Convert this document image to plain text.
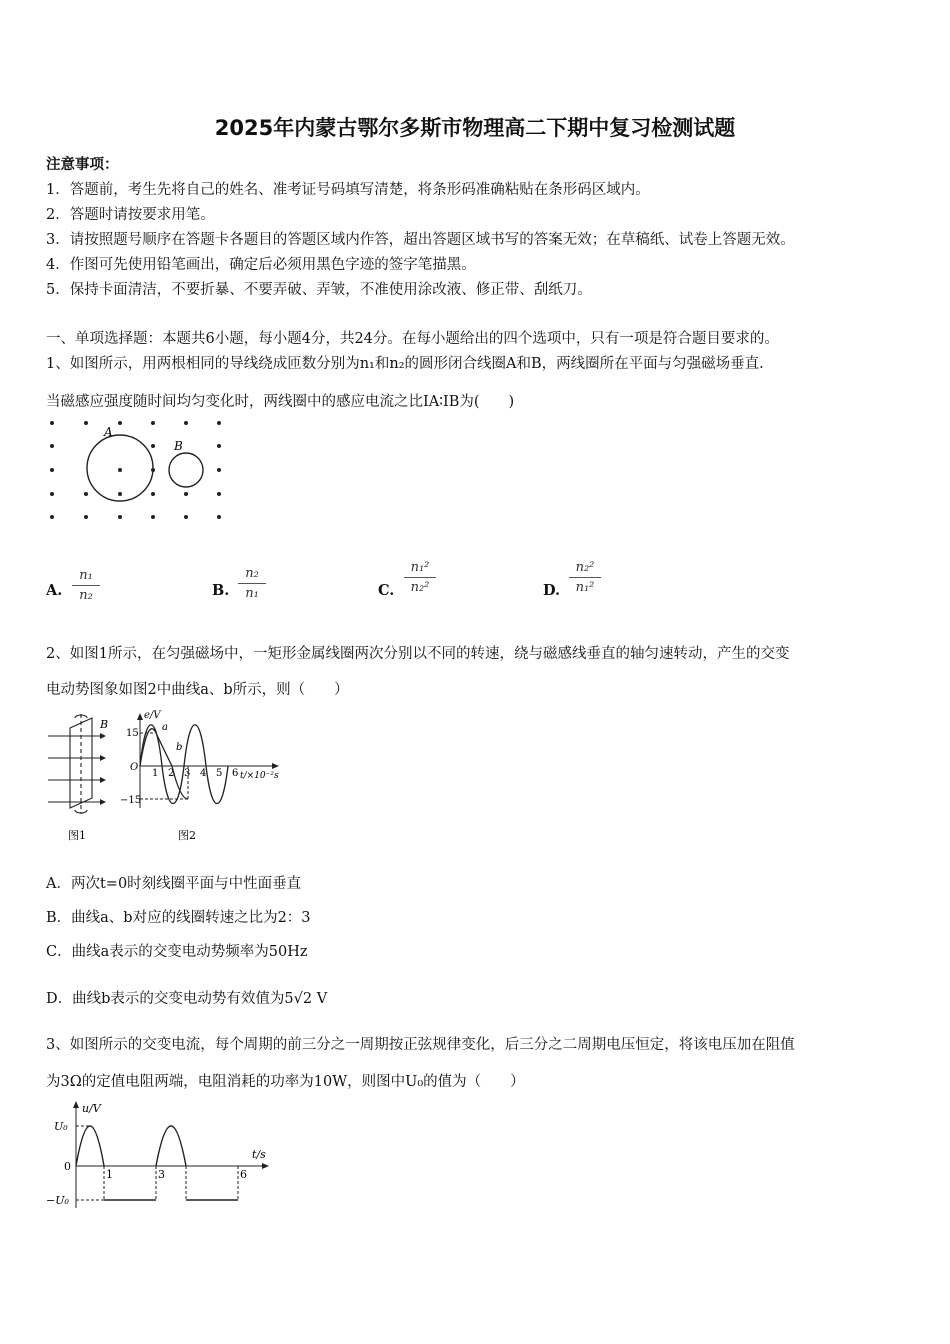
2025年内蒙古鄂尔多斯市物理高二下期中复习检测试题
注意事项：
1．答题前，考生先将自己的姓名、准考证号码填写清楚，将条形码准确粘贴在条形码区域内。
2．答题时请按要求用笔。
3．请按照题号顺序在答题卡各题目的答题区域内作答，超出答题区域书写的答案无效；在草稿纸、试卷上答题无效。
4．作图可先使用铅笔画出，确定后必须用黑色字迹的签字笔描黑。
5．保持卡面清洁，不要折暴、不要弄破、弄皱，不准使用涂改液、修正带、刮纸刀。
一、单项选择题：本题共6小题，每小题4分，共24分。在每小题给出的四个选项中，只有一项是符合题目要求的。
1、如图所示，用两根相同的导线绕成匝数分别为n₁和n₂的圆形闭合线圈A和B，两线圈所在平面与匀强磁场垂直.
当磁感应强度随时间均匀变化时，两线圈中的感应电流之比IA∶IB为(　　)
A
B
A.
n₁
n₂	B.
n₂
n₁	C.
n₁²
n₂²	D.
n₂²
n₁²
2、如图1所示，在匀强磁场中，一矩形金属线圈两次分别以不同的转速，绕与磁感线垂直的轴匀速转动，产生的交变
电动势图象如图2中曲线a、b所示，则（　　）
B
图1
e/V
t/×10⁻²s
15
−15
O
1 2 3 4 5 6
a
b
图2
A．两次t=0时刻线圈平面与中性面垂直
B．曲线a、b对应的线圈转速之比为2：3
C．曲线a表示的交变电动势频率为50Hz
D．曲线b表示的交变电动势有效值为5√2 V
3、如图所示的交变电流，每个周期的前三分之一周期按正弦规律变化，后三分之二周期电压恒定，将该电压加在阻值
为3Ω的定值电阻两端，电阻消耗的功率为10W，则图中U₀的值为（　　）
u/V
t/s
U₀
−U₀
0
1	3	6
